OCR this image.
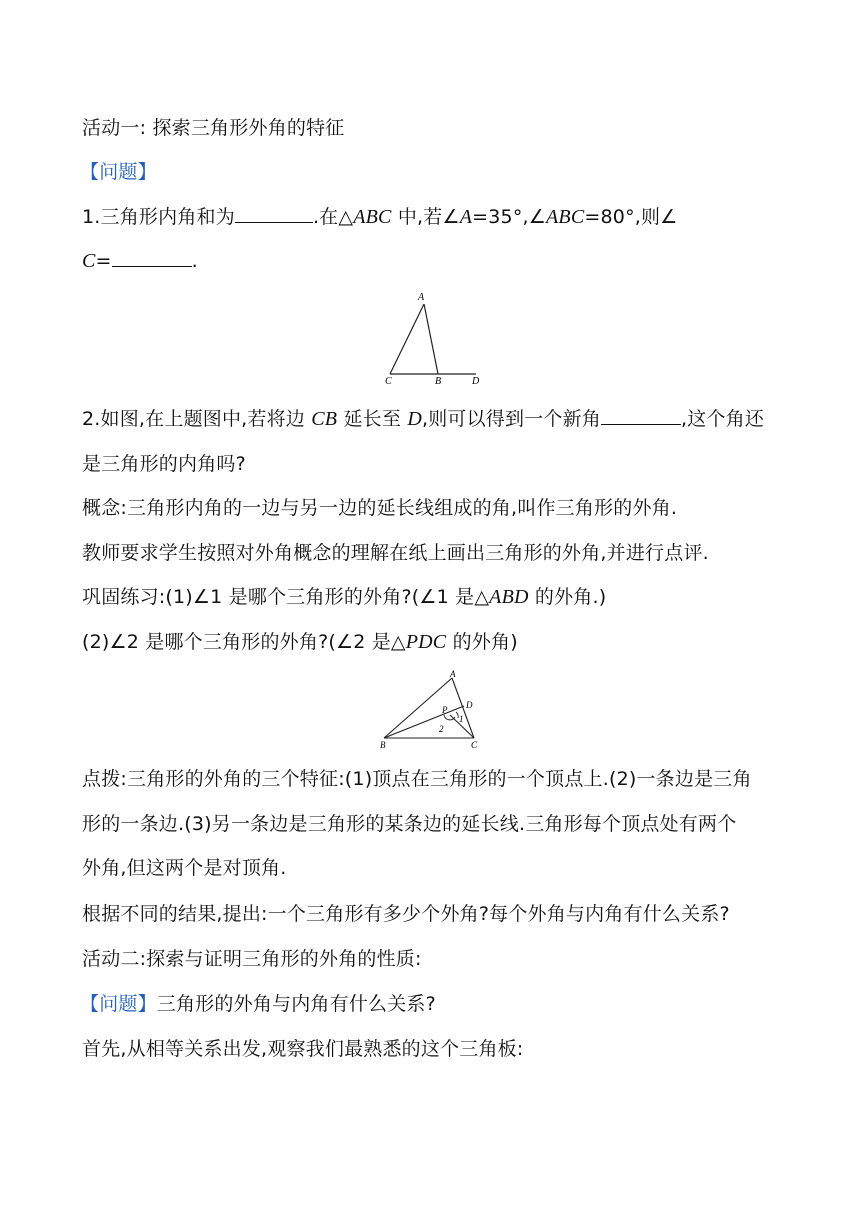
活动一: 探索三角形外角的特征
【问题】
1.三角形内角和为	.在△ABC 中,若∠A=35°,∠ABC=80°,则∠
C=	.
A
C	B	D
2.如图,在上题图中,若将边 CB 延长至 D,则可以得到一个新角	,这个角还
是三角形的内角吗?
概念:三角形内角的一边与另一边的延长线组成的角,叫作三角形的外角.
教师要求学生按照对外角概念的理解在纸上画出三角形的外角,并进行点评.
巩固练习:(1)∠1 是哪个三角形的外角?(∠1 是△ABD 的外角.)
(2)∠2 是哪个三角形的外角?(∠2 是△PDC 的外角)
A
D
P
1
2
B	C
点拨:三角形的外角的三个特征:(1)顶点在三角形的一个顶点上.(2)一条边是三角
形的一条边.(3)另一条边是三角形的某条边的延长线.三角形每个顶点处有两个
外角,但这两个是对顶角.
根据不同的结果,提出:一个三角形有多少个外角?每个外角与内角有什么关系?
活动二:探索与证明三角形的外角的性质:
【问题】三角形的外角与内角有什么关系?
首先,从相等关系出发,观察我们最熟悉的这个三角板:
